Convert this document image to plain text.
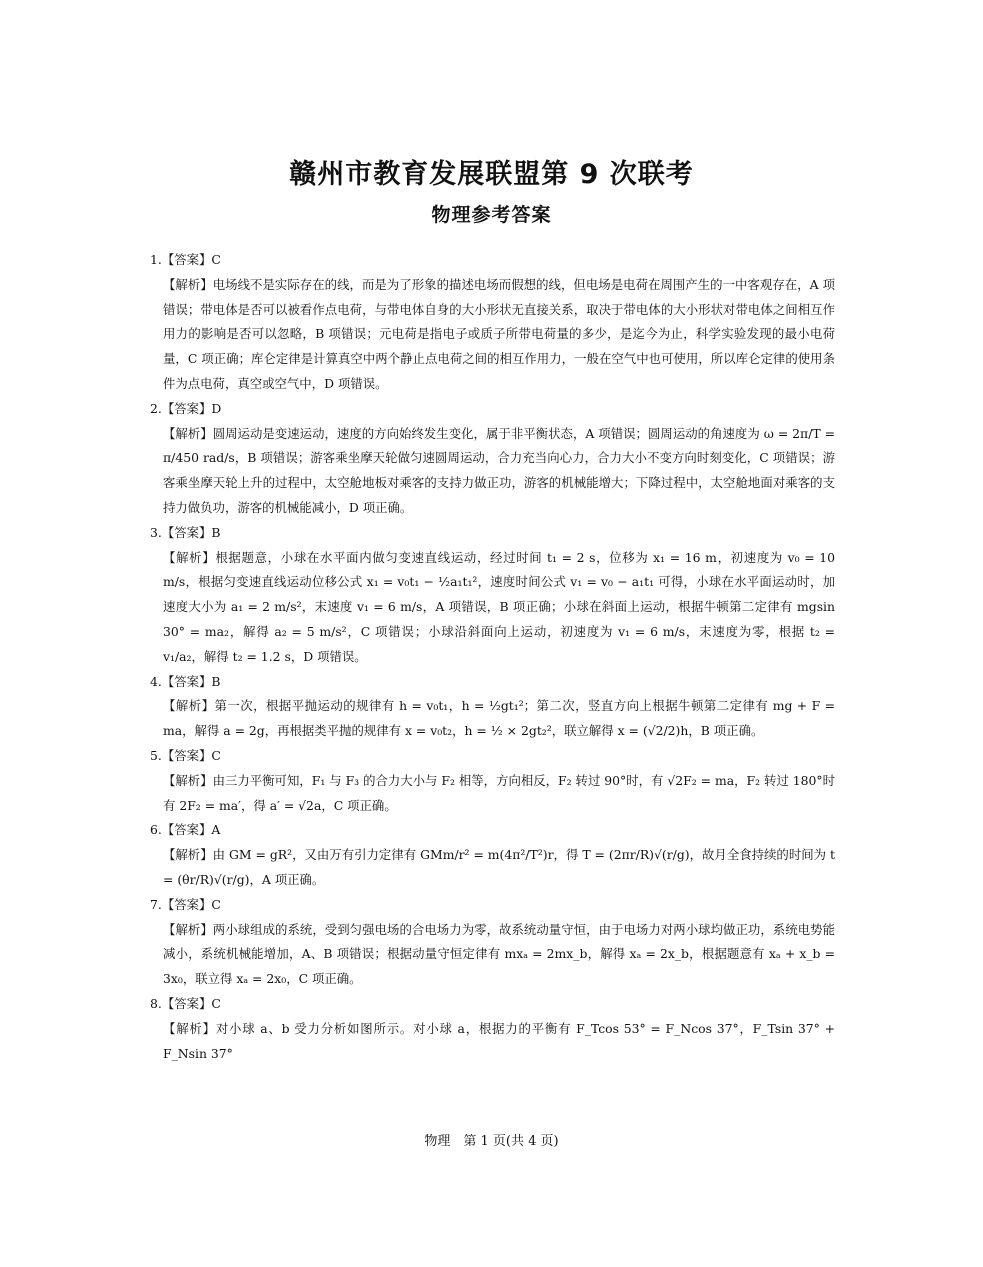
赣州市教育发展联盟第 9 次联考
物理参考答案

1.【答案】C

【解析】电场线不是实际存在的线，而是为了形象的描述电场而假想的线，但电场是电荷在周围产生的一中客观存在，A 项错误；带电体是否可以被看作点电荷，与带电体自身的大小形状无直接关系，取决于带电体的大小形状对带电体之间相互作用力的影响是否可以忽略，B 项错误；元电荷是指电子或质子所带电荷量的多少，是迄今为止，科学实验发现的最小电荷量，C 项正确；库仑定律是计算真空中两个静止点电荷之间的相互作用力，一般在空气中也可使用，所以库仑定律的使用条件为点电荷，真空或空气中，D 项错误。

2.【答案】D

【解析】圆周运动是变速运动，速度的方向始终发生变化，属于非平衡状态，A 项错误；圆周运动的角速度为 ω = 2π/T = π/450 rad/s，B 项错误；游客乘坐摩天轮做匀速圆周运动，合力充当向心力，合力大小不变方向时刻变化，C 项错误；游客乘坐摩天轮上升的过程中，太空舱地板对乘客的支持力做正功，游客的机械能增大；下降过程中，太空舱地面对乘客的支持力做负功，游客的机械能减小，D 项正确。

3.【答案】B

【解析】根据题意，小球在水平面内做匀变速直线运动，经过时间 t₁ = 2 s，位移为 x₁ = 16 m，初速度为 v₀ = 10 m/s，根据匀变速直线运动位移公式 x₁ = v₀t₁ − ½a₁t₁²，速度时间公式 v₁ = v₀ − a₁t₁ 可得，小球在水平面运动时，加速度大小为 a₁ = 2 m/s²，末速度 v₁ = 6 m/s，A 项错误，B 项正确；小球在斜面上运动，根据牛顿第二定律有 mgsin 30° = ma₂，解得 a₂ = 5 m/s²，C 项错误；小球沿斜面向上运动，初速度为 v₁ = 6 m/s，末速度为零，根据 t₂ = v₁/a₂，解得 t₂ = 1.2 s，D 项错误。

4.【答案】B

【解析】第一次，根据平抛运动的规律有 h = v₀t₁，h = ½gt₁²；第二次，竖直方向上根据牛顿第二定律有 mg + F = ma，解得 a = 2g，再根据类平抛的规律有 x = v₀t₂，h = ½ × 2gt₂²，联立解得 x = (√2/2)h，B 项正确。

5.【答案】C

【解析】由三力平衡可知，F₁ 与 F₃ 的合力大小与 F₂ 相等，方向相反，F₂ 转过 90°时，有 √2F₂ = ma，F₂ 转过 180°时有 2F₂ = ma′，得 a′ = √2a，C 项正确。

6.【答案】A

【解析】由 GM = gR²，又由万有引力定律有 GMm/r² = m(4π²/T²)r，得 T = (2πr/R)√(r/g)，故月全食持续的时间为 t = (θr/R)√(r/g)，A 项正确。

7.【答案】C

【解析】两小球组成的系统，受到匀强电场的合电场力为零，故系统动量守恒，由于电场力对两小球均做正功，系统电势能减小，系统机械能增加，A、B 项错误；根据动量守恒定律有 mxₐ = 2mx_b，解得 xₐ = 2x_b，根据题意有 xₐ + x_b = 3x₀，联立得 xₐ = 2x₀，C 项正确。

8.【答案】C

【解析】对小球 a、b 受力分析如图所示。对小球 a，根据力的平衡有 F_Tcos 53° = F_Ncos 37°，F_Tsin 37° + F_Nsin 37°

物理　第 1 页(共 4 页)
